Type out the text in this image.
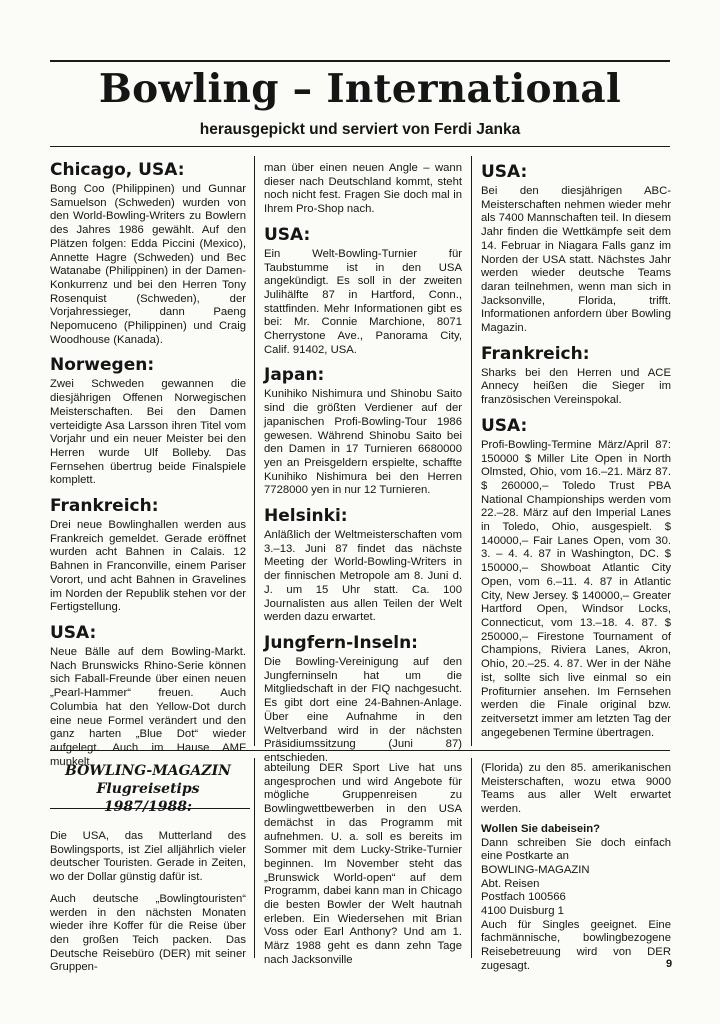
Bowling – International
herausgepickt und serviert von Ferdi Janka
Chicago, USA:

Bong Coo (Philippinen) und Gunnar Samuelson (Schweden) wurden von den World-Bowling-Writers zu Bowlern des Jahres 1986 gewählt. Auf den Plätzen folgen: Edda Piccini (Mexico), Annette Hagre (Schweden) und Bec Watanabe (Philippinen) in der Damen-Konkurrenz und bei den Herren Tony Rosenquist (Schweden), der Vorjahressieger, dann Paeng Nepomuceno (Philippinen) und Craig Woodhouse (Kanada).

Norwegen:

Zwei Schweden gewannen die diesjährigen Offenen Norwegischen Meisterschaften. Bei den Damen verteidigte Asa Larsson ihren Titel vom Vorjahr und ein neuer Meister bei den Herren wurde Ulf Bolleby. Das Fernsehen übertrug beide Finalspiele komplett.

Frankreich:

Drei neue Bowlinghallen werden aus Frankreich gemeldet. Gerade eröffnet wurden acht Bahnen in Calais. 12 Bahnen in Franconville, einem Pariser Vorort, und acht Bahnen in Gravelines im Norden der Republik stehen vor der Fertigstellung.

USA:

Neue Bälle auf dem Bowling-Markt. Nach Brunswicks Rhino-Serie können sich Faball-Freunde über einen neuen „Pearl-Hammer“ freuen. Auch Columbia hat den Yellow-Dot durch eine neue Formel verändert und den ganz harten „Blue Dot“ wieder aufgelegt. Auch im Hause AMF munkelt

man über einen neuen Angle – wann dieser nach Deutschland kommt, steht noch nicht fest. Fragen Sie doch mal in Ihrem Pro-Shop nach.

USA:

Ein Welt-Bowling-Turnier für Taubstumme ist in den USA angekündigt. Es soll in der zweiten Julihälfte 87 in Hartford, Conn., stattfinden. Mehr Informationen gibt es bei: Mr. Connie Marchione, 8071 Cherrystone Ave., Panorama City, Calif. 91402, USA.

Japan:

Kunihiko Nishimura und Shinobu Saito sind die größten Verdiener auf der japanischen Profi-Bowling-Tour 1986 gewesen. Während Shinobu Saito bei den Damen in 17 Turnieren 6680000 yen an Preisgeldern erspielte, schaffte Kunihiko Nishimura bei den Herren 7728000 yen in nur 12 Turnieren.

Helsinki:

Anläßlich der Weltmeisterschaften vom 3.–13. Juni 87 findet das nächste Meeting der World-Bowling-Writers in der finnischen Metropole am 8. Juni d. J. um 15 Uhr statt. Ca. 100 Journalisten aus allen Teilen der Welt werden dazu erwartet.

Jungfern-Inseln:

Die Bowling-Vereinigung auf den Jungferninseln hat um die Mitgliedschaft in der FIQ nachgesucht. Es gibt dort eine 24-Bahnen-Anlage. Über eine Aufnahme in den Weltverband wird in der nächsten Präsidiumssitzung (Juni 87) entschieden.

USA:

Bei den diesjährigen ABC-Meisterschaften nehmen wieder mehr als 7400 Mannschaften teil. In diesem Jahr finden die Wettkämpfe seit dem 14. Februar in Niagara Falls ganz im Norden der USA statt. Nächstes Jahr werden wieder deutsche Teams daran teilnehmen, wenn man sich in Jacksonville, Florida, trifft. Informationen anfordern über Bowling Magazin.

Frankreich:

Sharks bei den Herren und ACE Annecy heißen die Sieger im französischen Vereinspokal.

USA:

Profi-Bowling-Termine März/April 87: 150000 $ Miller Lite Open in North Olmsted, Ohio, vom 16.–21. März 87. $ 260000,– Toledo Trust PBA National Championships werden vom 22.–28. März auf den Imperial Lanes in Toledo, Ohio, ausgespielt. $ 140000,– Fair Lanes Open, vom 30. 3. – 4. 4. 87 in Washington, DC. $ 150000,– Showboat Atlantic City Open, vom 6.–11. 4. 87 in Atlantic City, New Jersey. $ 140000,– Greater Hartford Open, Windsor Locks, Connecticut, vom 13.–18. 4. 87. $ 250000,– Firestone Tournament of Champions, Riviera Lanes, Akron, Ohio, 20.–25. 4. 87. Wer in der Nähe ist, sollte sich live einmal so ein Profiturnier ansehen. Im Fernsehen werden die Finale original bzw. zeitversetzt immer am letzten Tag der angegebenen Termine übertragen.

BOWLING-MAGAZIN
Flugreisetips 1987/1988:

Die USA, das Mutterland des Bowlingsports, ist Ziel alljährlich vieler deutscher Touristen. Gerade in Zeiten, wo der Dollar günstig dafür ist.

Auch deutsche „Bowlingtouristen“ werden in den nächsten Monaten wieder ihre Koffer für die Reise über den großen Teich packen. Das Deutsche Reisebüro (DER) mit seiner Gruppen-

abteilung DER Sport Live hat uns angesprochen und wird Angebote für mögliche Gruppenreisen zu Bowlingwettbewerben in den USA demächst in das Programm mit aufnehmen. U. a. soll es bereits im Sommer mit dem Lucky-Strike-Turnier beginnen. Im November steht das „Brunswick World-open“ auf dem Programm, dabei kann man in Chicago die besten Bowler der Welt hautnah erleben. Ein Wiedersehen mit Brian Voss oder Earl Anthony? Und am 1. März 1988 geht es dann zehn Tage nach Jacksonville

(Florida) zu den 85. amerikanischen Meisterschaften, wozu etwa 9000 Teams aus aller Welt erwartet werden.

Wollen Sie dabeisein?

Dann schreiben Sie doch einfach eine Postkarte an

BOWLING-MAGAZIN

Abt. Reisen

Postfach 100566

4100 Duisburg 1

Auch für Singles geeignet. Eine fachmännische, bowlingbezogene Reisebetreuung wird von DER zugesagt.	9
